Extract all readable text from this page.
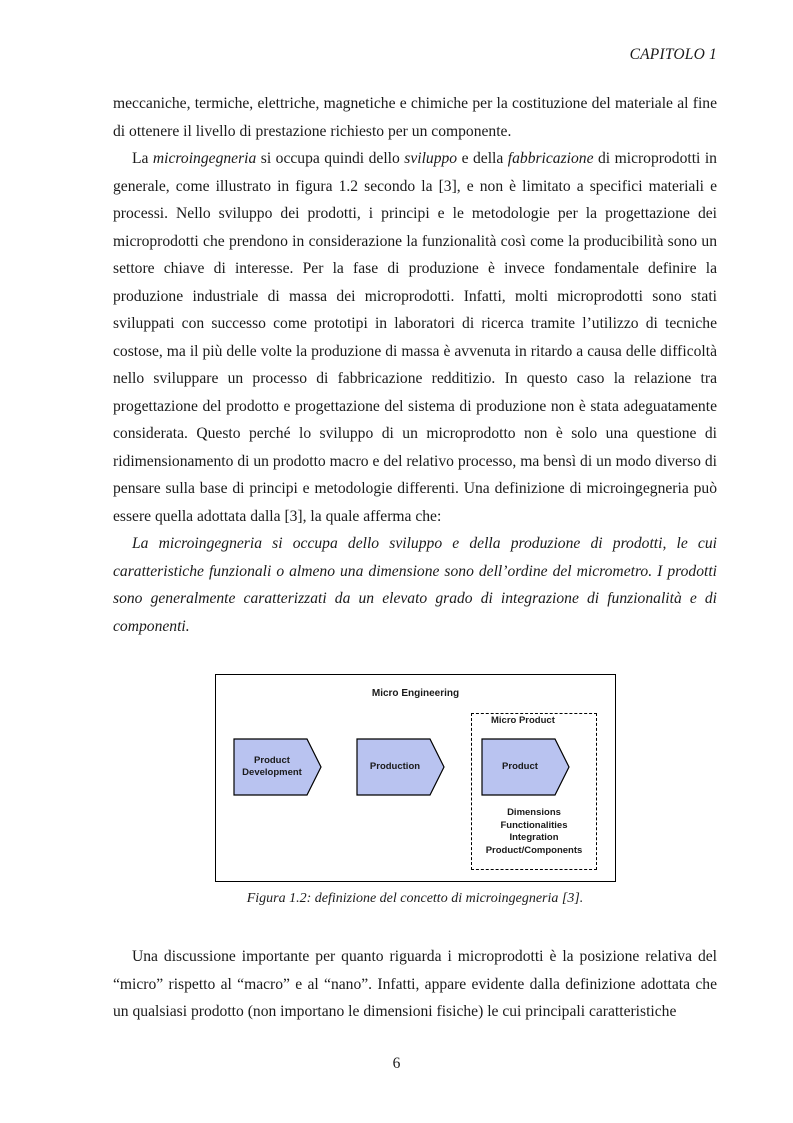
CAPITOLO 1

meccaniche, termiche, elettriche, magnetiche e chimiche per la costituzione del materiale al fine di ottenere il livello di prestazione richiesto per un componente.

La microingegneria si occupa quindi dello sviluppo e della fabbricazione di microprodotti in generale, come illustrato in figura 1.2 secondo la [3], e non è limitato a specifici materiali e processi. Nello sviluppo dei prodotti, i principi e le metodologie per la progettazione dei microprodotti che prendono in considerazione la funzionalità così come la producibilità sono un settore chiave di interesse. Per la fase di produzione è invece fondamentale definire la produzione industriale di massa dei microprodotti. Infatti, molti microprodotti sono stati sviluppati con successo come prototipi in laboratori di ricerca tramite l’utilizzo di tecniche costose, ma il più delle volte la produzione di massa è avvenuta in ritardo a causa delle difficoltà nello sviluppare un processo di fabbricazione redditizio. In questo caso la relazione tra progettazione del prodotto e progettazione del sistema di produzione non è stata adeguatamente considerata. Questo perché lo sviluppo di un microprodotto non è solo una questione di ridimensionamento di un prodotto macro e del relativo processo, ma bensì di un modo diverso di pensare sulla base di principi e metodologie differenti. Una definizione di microingegneria può essere quella adottata dalla [3], la quale afferma che:

La microingegneria si occupa dello sviluppo e della produzione di prodotti, le cui caratteristiche funzionali o almeno una dimensione sono dell’ordine del micrometro. I prodotti sono generalmente caratterizzati da un elevato grado di integrazione di funzionalità e di componenti.

Micro Engineering
Product
Development
Production
Micro Product
Product
Dimensions
Functionalities
Integration
Product/Components
Figura 1.2: definizione del concetto di microingegneria [3].

Una discussione importante per quanto riguarda i microprodotti è la posizione relativa del “micro” rispetto al “macro” e al “nano”. Infatti, appare evidente dalla definizione adottata che un qualsiasi prodotto (non importano le dimensioni fisiche) le cui principali caratteristiche

6
